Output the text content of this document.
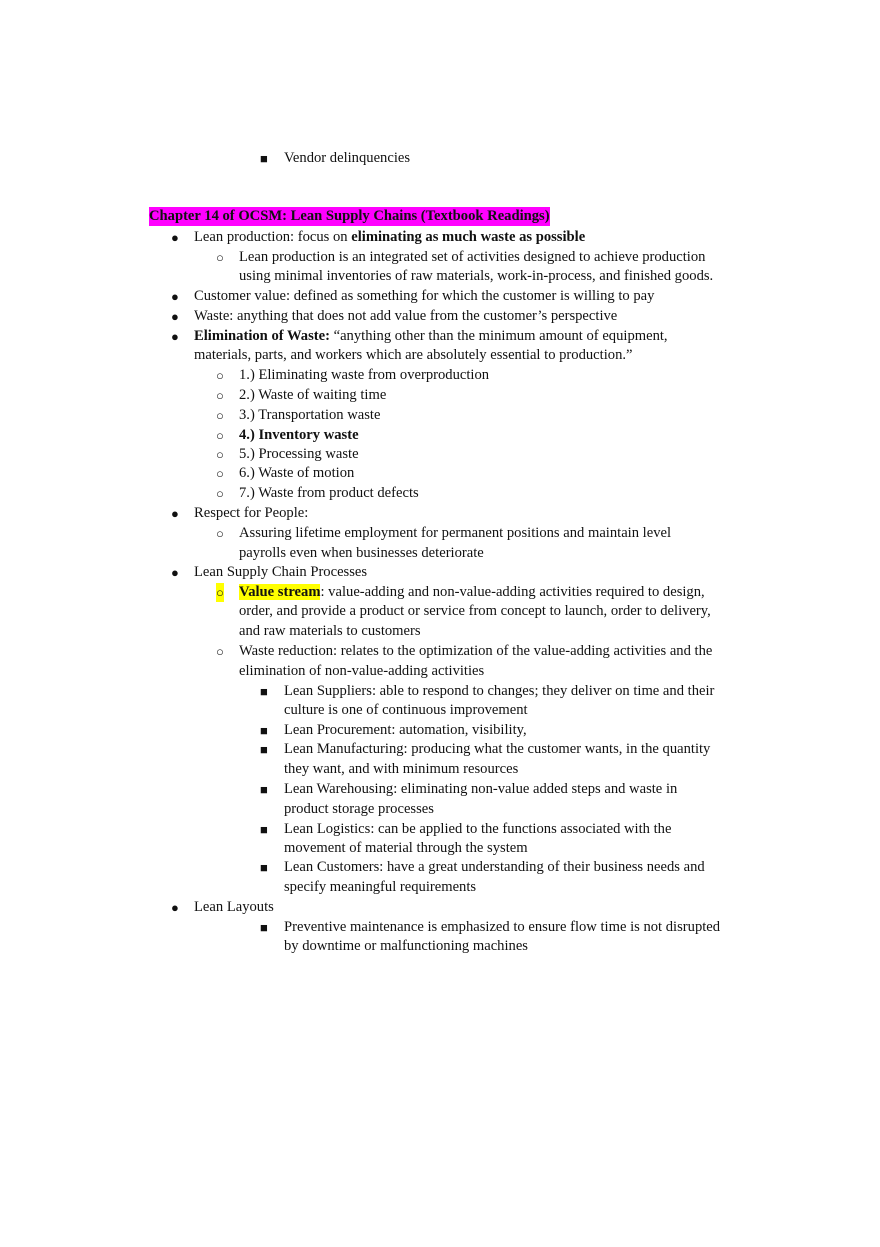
■ Vendor delinquencies
Chapter 14 of OCSM: Lean Supply Chains (Textbook Readings)
● Lean production: focus on eliminating as much waste as possible
○ Lean production is an integrated set of activities designed to achieve production
using minimal inventories of raw materials, work-in-process, and finished goods.
● Customer value: defined as something for which the customer is willing to pay
● Waste: anything that does not add value from the customer’s perspective
● Elimination of Waste: “anything other than the minimum amount of equipment,
materials, parts, and workers which are absolutely essential to production.”
○ 1.) Eliminating waste from overproduction
○ 2.) Waste of waiting time
○ 3.) Transportation waste
○ 4.) Inventory waste
○ 5.) Processing waste
○ 6.) Waste of motion
○ 7.) Waste from product defects
● Respect for People:
○ Assuring lifetime employment for permanent positions and maintain level
payrolls even when businesses deteriorate
● Lean Supply Chain Processes
○ Value stream: value-adding and non-value-adding activities required to design,
order, and provide a product or service from concept to launch, order to delivery,
and raw materials to customers
○ Waste reduction: relates to the optimization of the value-adding activities and the
elimination of non-value-adding activities
■ Lean Suppliers: able to respond to changes; they deliver on time and their
culture is one of continuous improvement
■ Lean Procurement: automation, visibility,
■ Lean Manufacturing: producing what the customer wants, in the quantity
they want, and with minimum resources
■ Lean Warehousing: eliminating non-value added steps and waste in
product storage processes
■ Lean Logistics: can be applied to the functions associated with the
movement of material through the system
■ Lean Customers: have a great understanding of their business needs and
specify meaningful requirements
● Lean Layouts
■ Preventive maintenance is emphasized to ensure flow time is not disrupted
by downtime or malfunctioning machines
